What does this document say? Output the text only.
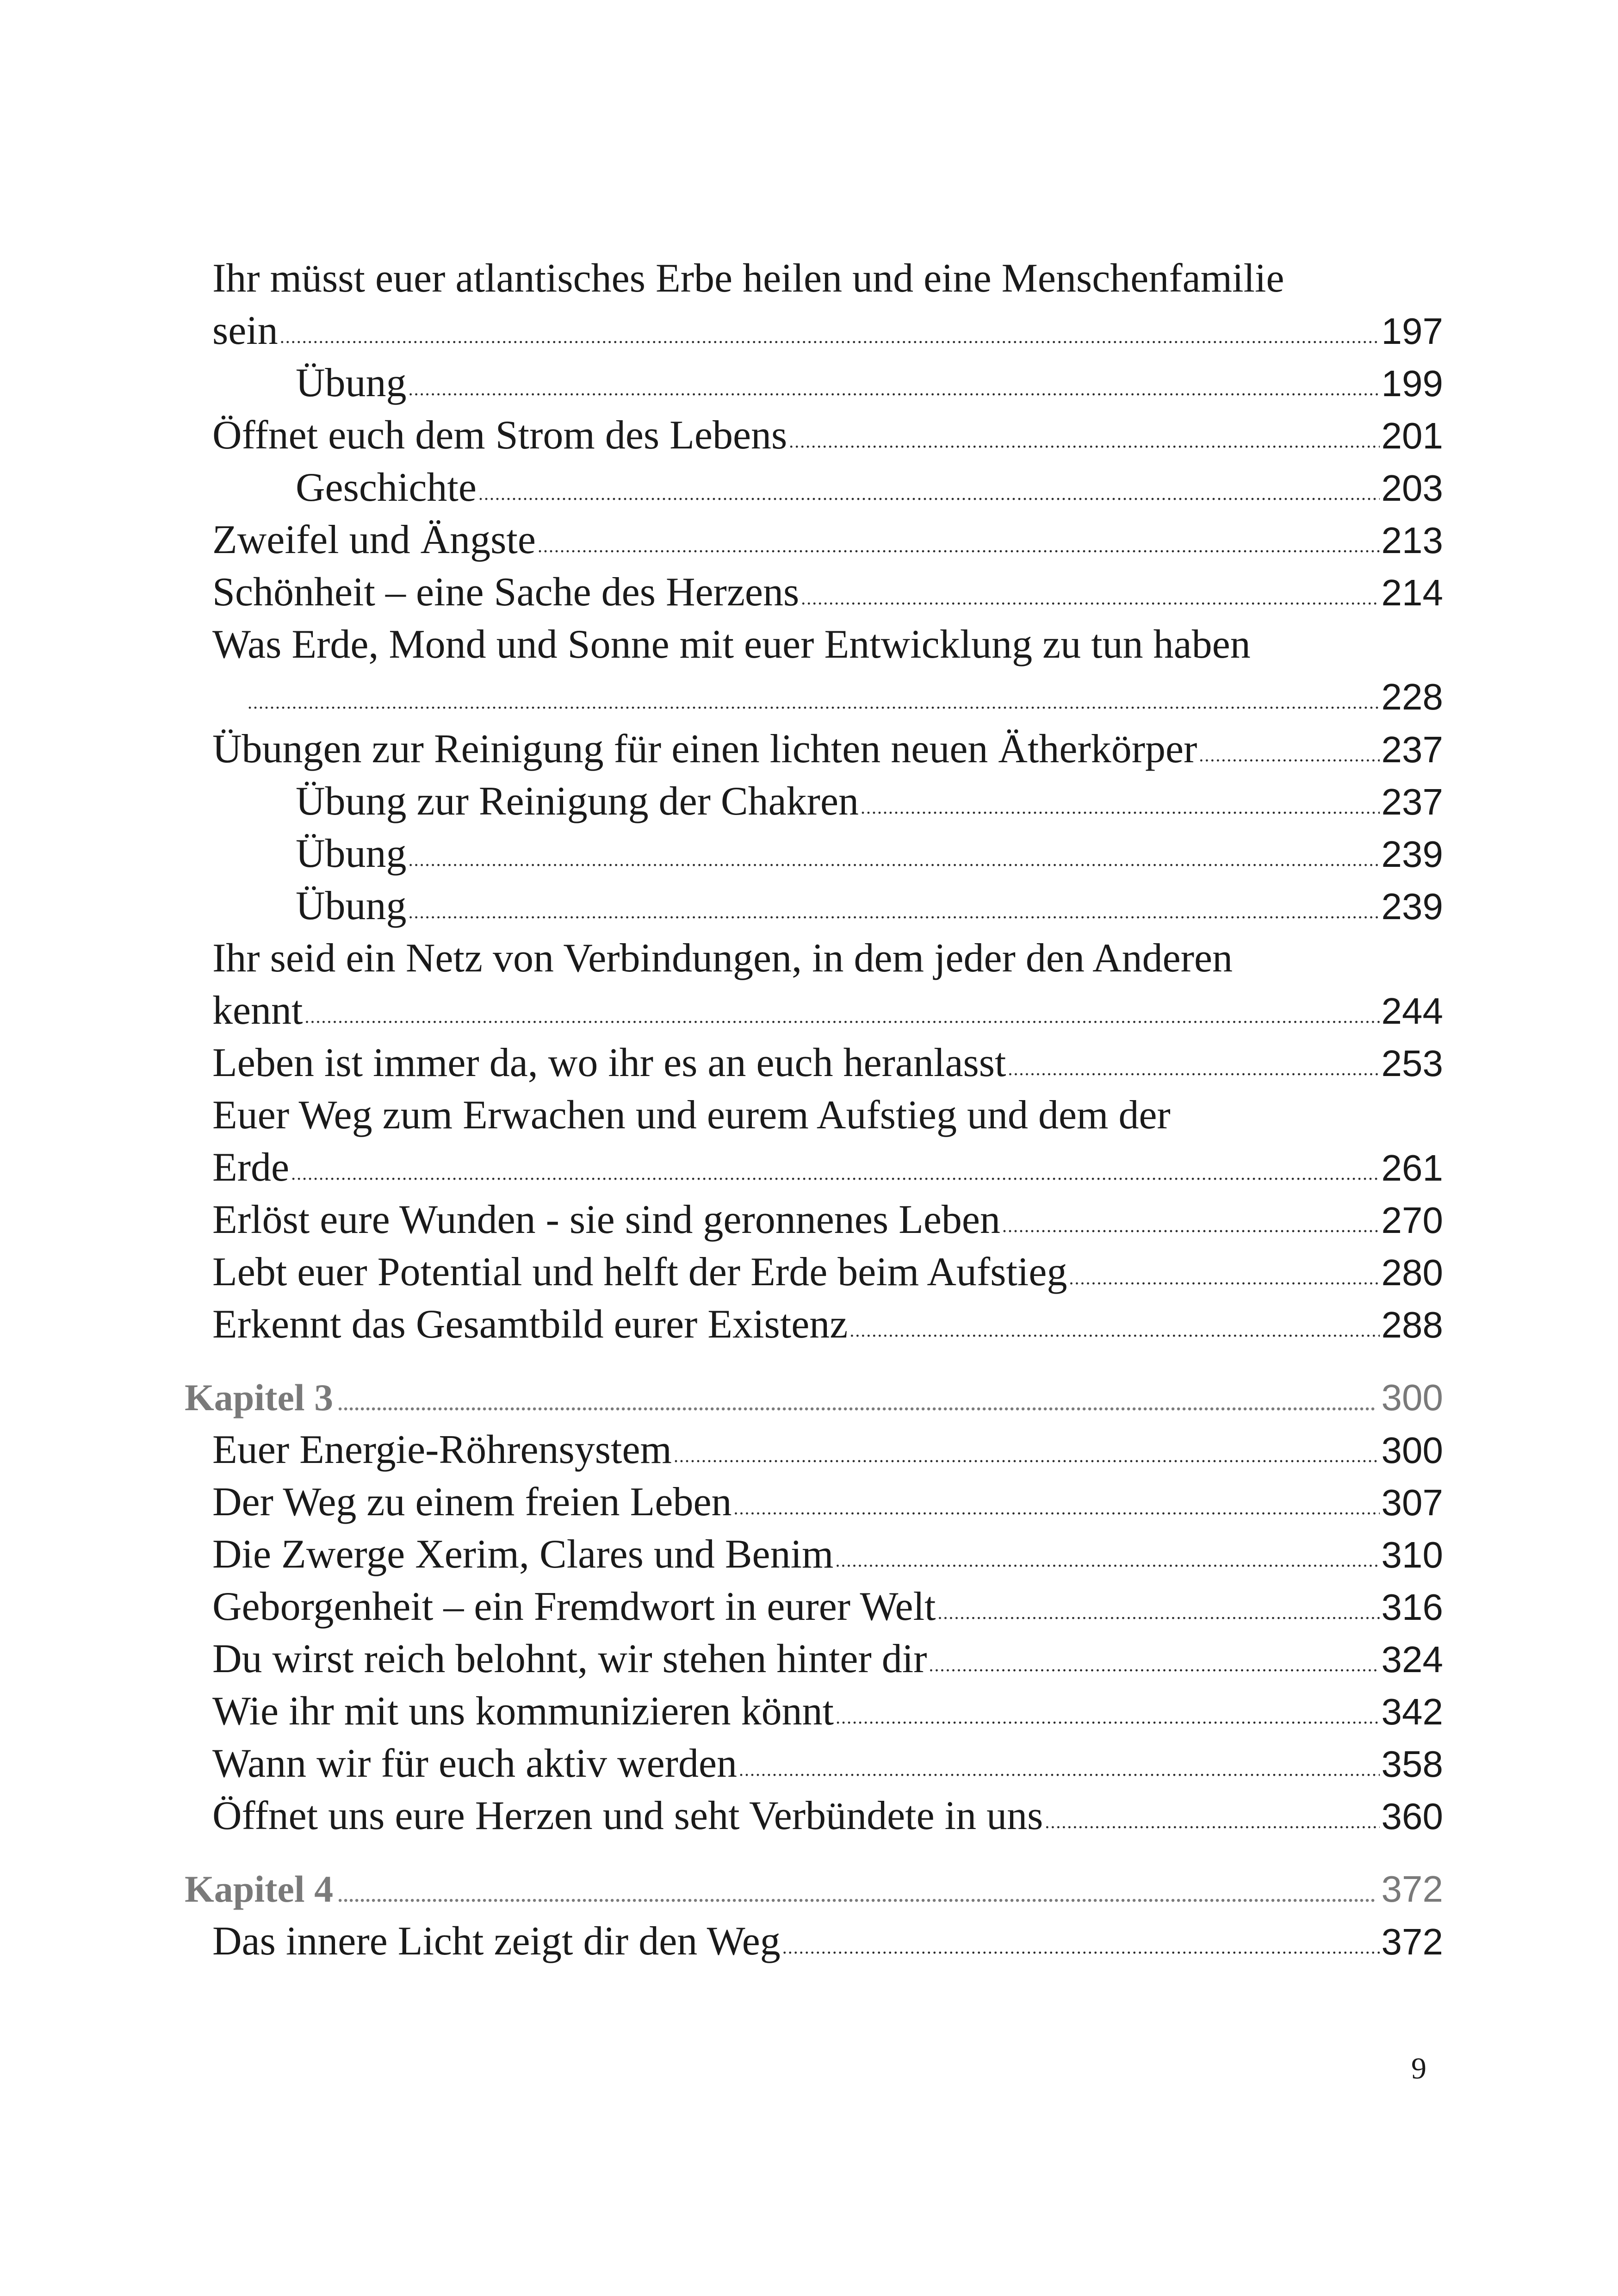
Ihr müsst euer atlantisches Erbe heilen und eine Menschenfamilie
sein .....	197
Übung .....	199
Öffnet euch dem Strom des Lebens .....	201
Geschichte .....	203
Zweifel und Ängste .....	213
Schönheit – eine Sache des Herzens .....	214
Was Erde, Mond und Sonne mit euer Entwicklung zu tun haben
.....
228
Übungen zur Reinigung für einen lichten neuen Ätherkörper .....	237
Übung zur Reinigung der Chakren .....	237
Übung .....	239
Übung .....	239
Ihr seid ein Netz von Verbindungen, in dem jeder den Anderen
kennt .....	244
Leben ist immer da, wo ihr es an euch heranlasst .....	253
Euer Weg zum Erwachen und eurem Aufstieg und dem der
Erde .....	261
Erlöst eure Wunden - sie sind geronnenes Leben .....	270
Lebt euer Potential und helft der Erde beim Aufstieg .....	280
Erkennt das Gesamtbild eurer Existenz .....	288
Kapitel 3 .....	300
Euer Energie-Röhrensystem .....	300
Der Weg zu einem freien Leben .....	307
Die Zwerge Xerim, Clares und Benim .....	310
Geborgenheit – ein Fremdwort in eurer Welt .....	316
Du wirst reich belohnt, wir stehen hinter dir .....	324
Wie ihr mit uns kommunizieren könnt .....	342
Wann wir für euch aktiv werden .....	358
Öffnet uns eure Herzen und seht Verbündete in uns .....	360
Kapitel 4 .....	372
Das innere Licht zeigt dir den Weg .....	372
9
